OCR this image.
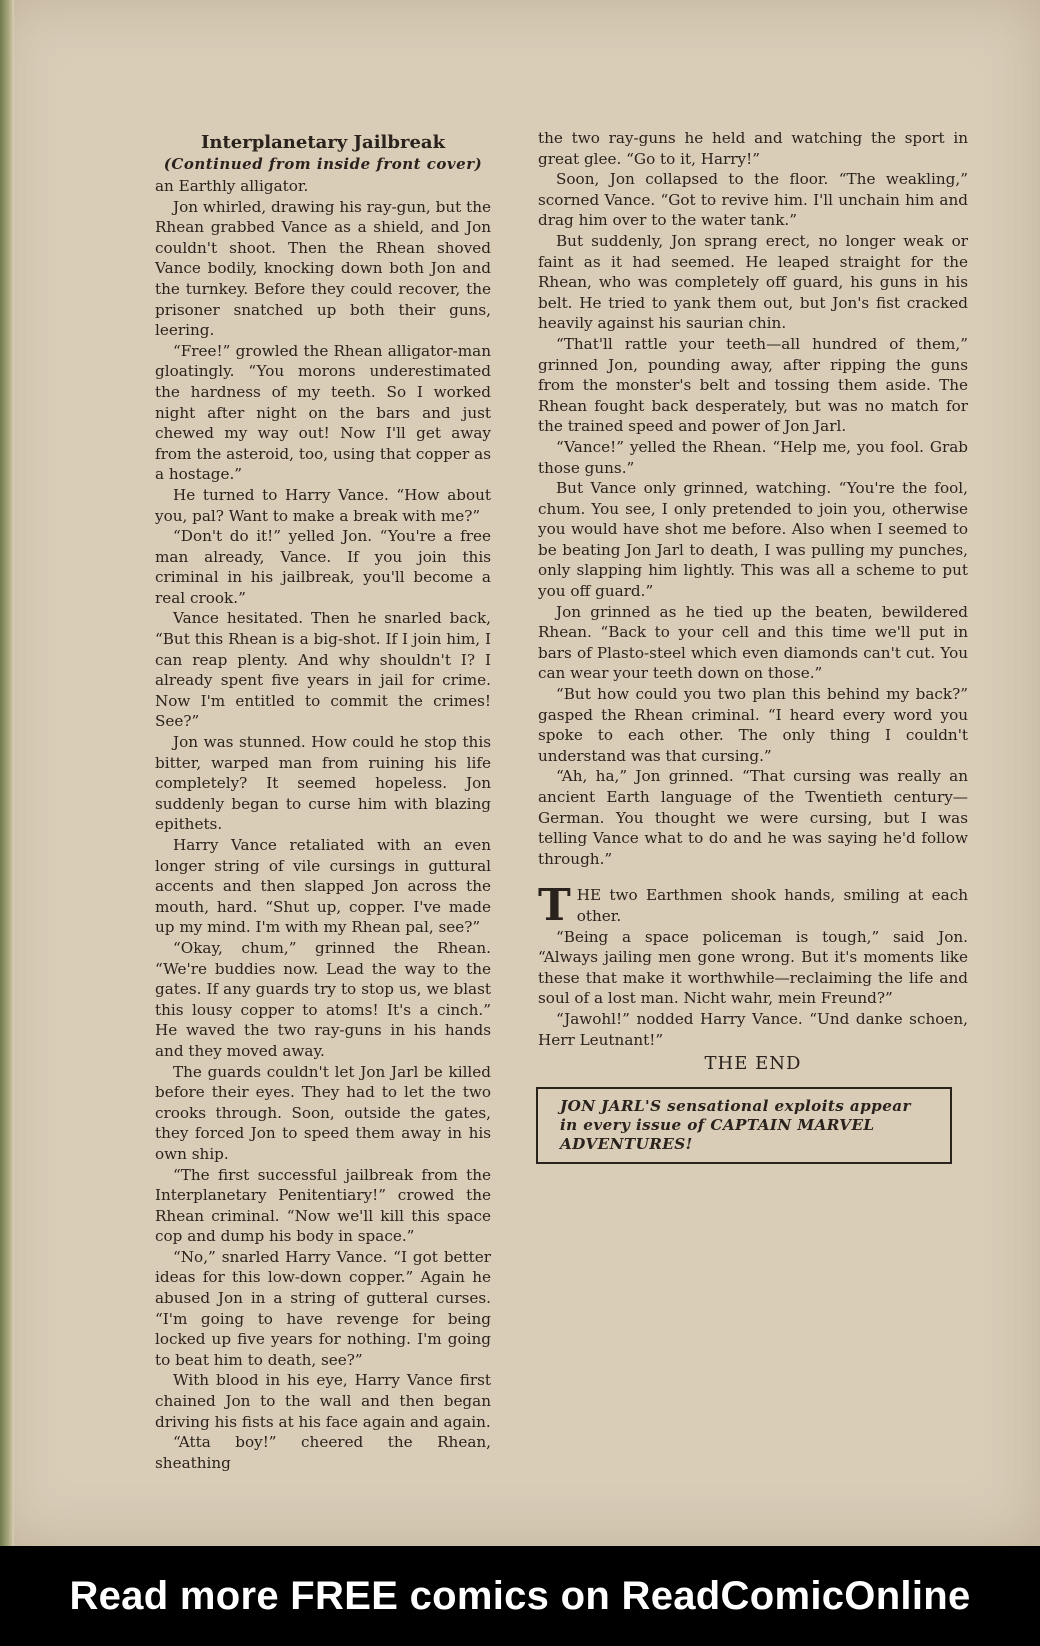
Interplanetary Jailbreak
(Continued from inside front cover)

an Earthly alligator.

Jon whirled, drawing his ray-gun, but the Rhean grabbed Vance as a shield, and Jon couldn't shoot. Then the Rhean shoved Vance bodily, knocking down both Jon and the turnkey. Before they could recover, the prisoner snatched up both their guns, leering.

“Free!” growled the Rhean alligator-man gloatingly. “You morons underestimated the hardness of my teeth. So I worked night after night on the bars and just chewed my way out! Now I'll get away from the asteroid, too, using that copper as a hostage.”

He turned to Harry Vance. “How about you, pal? Want to make a break with me?”

“Don't do it!” yelled Jon. “You're a free man already, Vance. If you join this criminal in his jailbreak, you'll become a real crook.”

Vance hesitated. Then he snarled back, “But this Rhean is a big-shot. If I join him, I can reap plenty. And why shouldn't I? I already spent five years in jail for crime. Now I'm entitled to commit the crimes! See?”

Jon was stunned. How could he stop this bitter, warped man from ruining his life completely? It seemed hopeless. Jon suddenly began to curse him with blazing epithets.

Harry Vance retaliated with an even longer string of vile cursings in guttural accents and then slapped Jon across the mouth, hard. “Shut up, copper. I've made up my mind. I'm with my Rhean pal, see?”

“Okay, chum,” grinned the Rhean. “We're buddies now. Lead the way to the gates. If any guards try to stop us, we blast this lousy copper to atoms! It's a cinch.” He waved the two ray-guns in his hands and they moved away.

The guards couldn't let Jon Jarl be killed before their eyes. They had to let the two crooks through. Soon, outside the gates, they forced Jon to speed them away in his own ship.

“The first successful jailbreak from the Interplanetary Penitentiary!” crowed the Rhean criminal. “Now we'll kill this space cop and dump his body in space.”

“No,” snarled Harry Vance. “I got better ideas for this low-down copper.” Again he abused Jon in a string of gutteral curses. “I'm going to have revenge for being locked up five years for nothing. I'm going to beat him to death, see?”

With blood in his eye, Harry Vance first chained Jon to the wall and then began driving his fists at his face again and again.

“Atta boy!” cheered the Rhean, sheathing

the two ray-guns he held and watching the sport in great glee. “Go to it, Harry!”

Soon, Jon collapsed to the floor. “The weakling,” scorned Vance. “Got to revive him. I'll unchain him and drag him over to the water tank.”

But suddenly, Jon sprang erect, no longer weak or faint as it had seemed. He leaped straight for the Rhean, who was completely off guard, his guns in his belt. He tried to yank them out, but Jon's fist cracked heavily against his saurian chin.

“That'll rattle your teeth—all hundred of them,” grinned Jon, pounding away, after ripping the guns from the monster's belt and tossing them aside. The Rhean fought back desperately, but was no match for the trained speed and power of Jon Jarl.

“Vance!” yelled the Rhean. “Help me, you fool. Grab those guns.”

But Vance only grinned, watching. “You're the fool, chum. You see, I only pretended to join you, otherwise you would have shot me before. Also when I seemed to be beating Jon Jarl to death, I was pulling my punches, only slapping him lightly. This was all a scheme to put you off guard.”

Jon grinned as he tied up the beaten, bewildered Rhean. “Back to your cell and this time we'll put in bars of Plasto-steel which even diamonds can't cut. You can wear your teeth down on those.”

“But how could you two plan this behind my back?” gasped the Rhean criminal. “I heard every word you spoke to each other. The only thing I couldn't understand was that cursing.”

“Ah, ha,” Jon grinned. “That cursing was really an ancient Earth language of the Twentieth century—German. You thought we were cursing, but I was telling Vance what to do and he was saying he'd follow through.”

THE two Earthmen shook hands, smiling at each other.

“Being a space policeman is tough,” said Jon. “Always jailing men gone wrong. But it's moments like these that make it worthwhile—reclaiming the life and soul of a lost man. Nicht wahr, mein Freund?”

“Jawohl!” nodded Harry Vance. “Und danke schoen, Herr Leutnant!”

THE END
JON JARL'S sensational exploits appear in every issue of CAPTAIN MARVEL ADVENTURES!
Read more FREE comics on ReadComicOnline
